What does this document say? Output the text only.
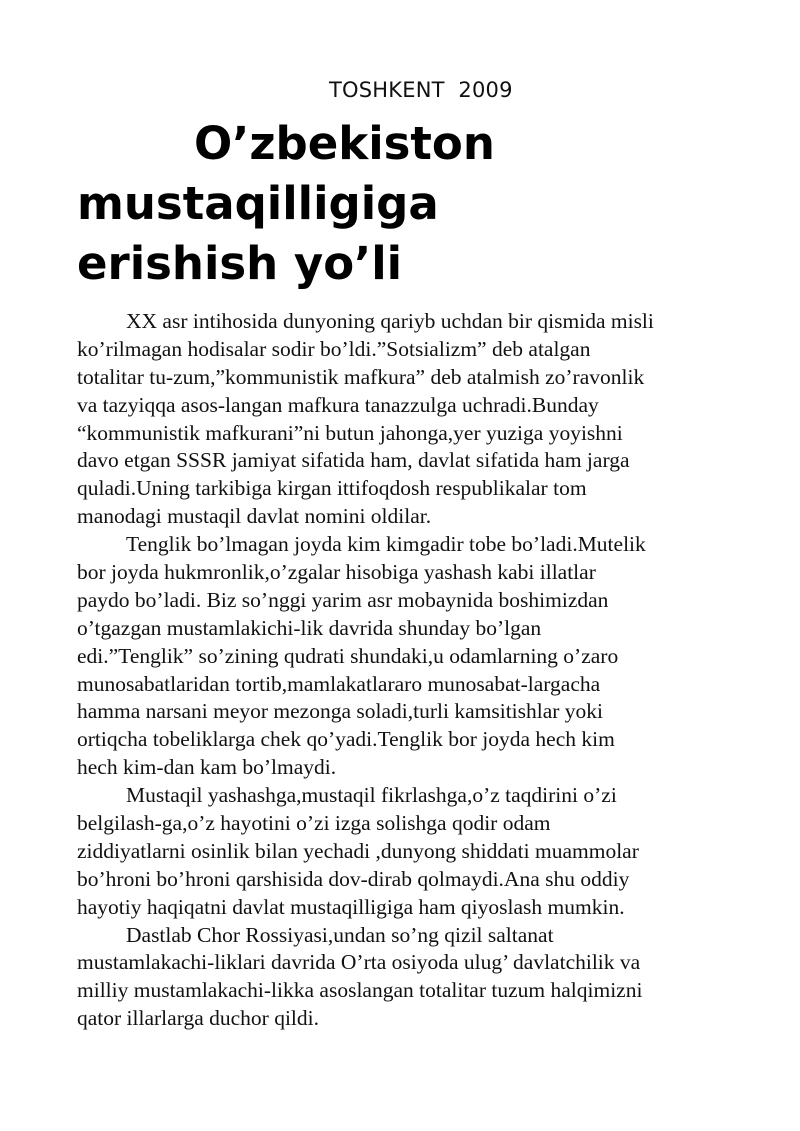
TOSHKENT  2009
O’zbekiston
mustaqilligiga
erishish yo’li
XX asr intihosida dunyoning qariyb uchdan bir qismida misli
ko’rilmagan hodisalar sodir bo’ldi.”Sotsializm” deb atalgan
totalitar tu-zum,”kommunistik mafkura” deb atalmish zo’ravonlik
va tazyiqqa asos-langan mafkura tanazzulga uchradi.Bunday
“kommunistik mafkurani”ni butun jahonga,yer yuziga yoyishni
davo etgan SSSR jamiyat sifatida ham, davlat sifatida ham jarga
quladi.Uning tarkibiga kirgan ittifoqdosh respublikalar tom
manodagi mustaqil davlat nomini oldilar.
Tenglik bo’lmagan joyda kim kimgadir tobe bo’ladi.Mutelik
bor joyda hukmronlik,o’zgalar hisobiga yashash kabi illatlar
paydo bo’ladi. Biz so’nggi yarim asr mobaynida boshimizdan
o’tgazgan mustamlakichi-lik davrida shunday bo’lgan
edi.”Tenglik” so’zining qudrati shundaki,u odamlarning o’zaro
munosabatlaridan tortib,mamlakatlararo munosabat-largacha
hamma narsani meyor mezonga soladi,turli kamsitishlar yoki
ortiqcha tobeliklarga chek qo’yadi.Tenglik bor joyda hech kim
hech kim-dan kam bo’lmaydi.
Mustaqil yashashga,mustaqil fikrlashga,o’z taqdirini o’zi
belgilash-ga,o’z hayotini o’zi izga solishga qodir odam
ziddiyatlarni osinlik bilan yechadi ,dunyong shiddati muammolar
bo’hroni bo’hroni qarshisida dov-dirab qolmaydi.Ana shu oddiy
hayotiy haqiqatni davlat mustaqilligiga ham qiyoslash mumkin.
Dastlab Chor Rossiyasi,undan so’ng qizil saltanat
mustamlakachi-liklari davrida O’rta osiyoda ulug’ davlatchilik va
milliy mustamlakachi-likka asoslangan totalitar tuzum halqimizni
qator illarlarga duchor qildi.
